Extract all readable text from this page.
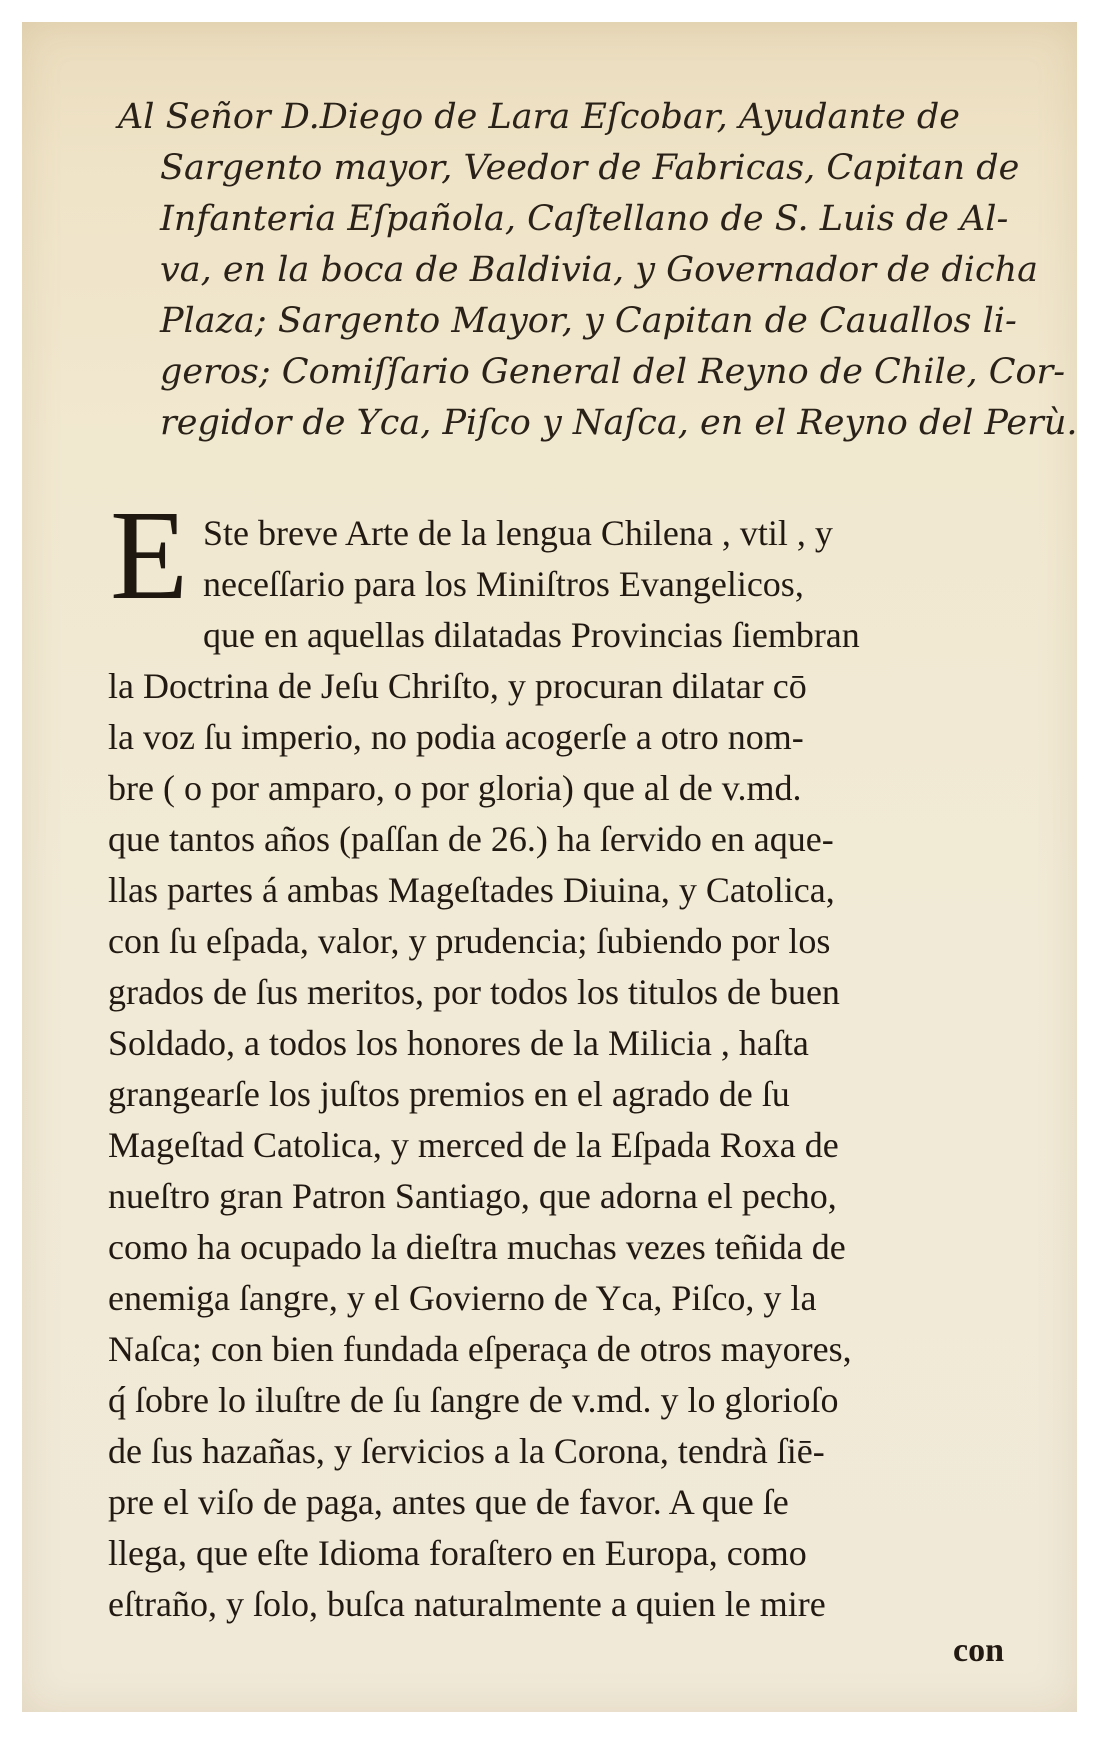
Al Señor D.Diego de Lara Eſcobar, Ayudante de
Sargento mayor, Veedor de Fabricas, Capitan de
Infanteria Eſpañola, Caſtellano de S. Luis de Al-
va, en la boca de Baldivia, y Governador de dicha
Plaza; Sargento Mayor, y Capitan de Cauallos li-
geros; Comiſſario General del Reyno de Chile, Cor-
regidor de Yca, Piſco y Naſca, en el Reyno del Perù.
E Ste breve Arte de la lengua Chilena , vtil , y
neceſſario para los Miniſtros Evangelicos,
que en aquellas dilatadas Provincias ſiembran
la Doctrina de Jeſu Chriſto, y procuran dilatar cō
la voz ſu imperio, no podia acogerſe a otro nom-
bre ( o por amparo, o por gloria) que al de v.md.
que tantos años (paſſan de 26.) ha ſervido en aque-
llas partes á ambas Mageſtades Diuina, y Catolica,
con ſu eſpada, valor, y prudencia; ſubiendo por los
grados de ſus meritos, por todos los titulos de buen
Soldado, a todos los honores de la Milicia , haſta
grangearſe los juſtos premios en el agrado de ſu
Mageſtad Catolica, y merced de la Eſpada Roxa de
nueſtro gran Patron Santiago, que adorna el pecho,
como ha ocupado la dieſtra muchas vezes teñida de
enemiga ſangre, y el Govierno de Yca, Piſco, y la
Naſca; con bien fundada eſperaça de otros mayores,
q́ ſobre lo iluſtre de ſu ſangre de v.md. y lo glorioſo
de ſus hazañas, y ſervicios a la Corona, tendrà ſiē-
pre el viſo de paga, antes que de favor. A que ſe
llega, que eſte Idioma foraſtero en Europa, como
eſtraño, y ſolo, buſca naturalmente a quien le mire
con
